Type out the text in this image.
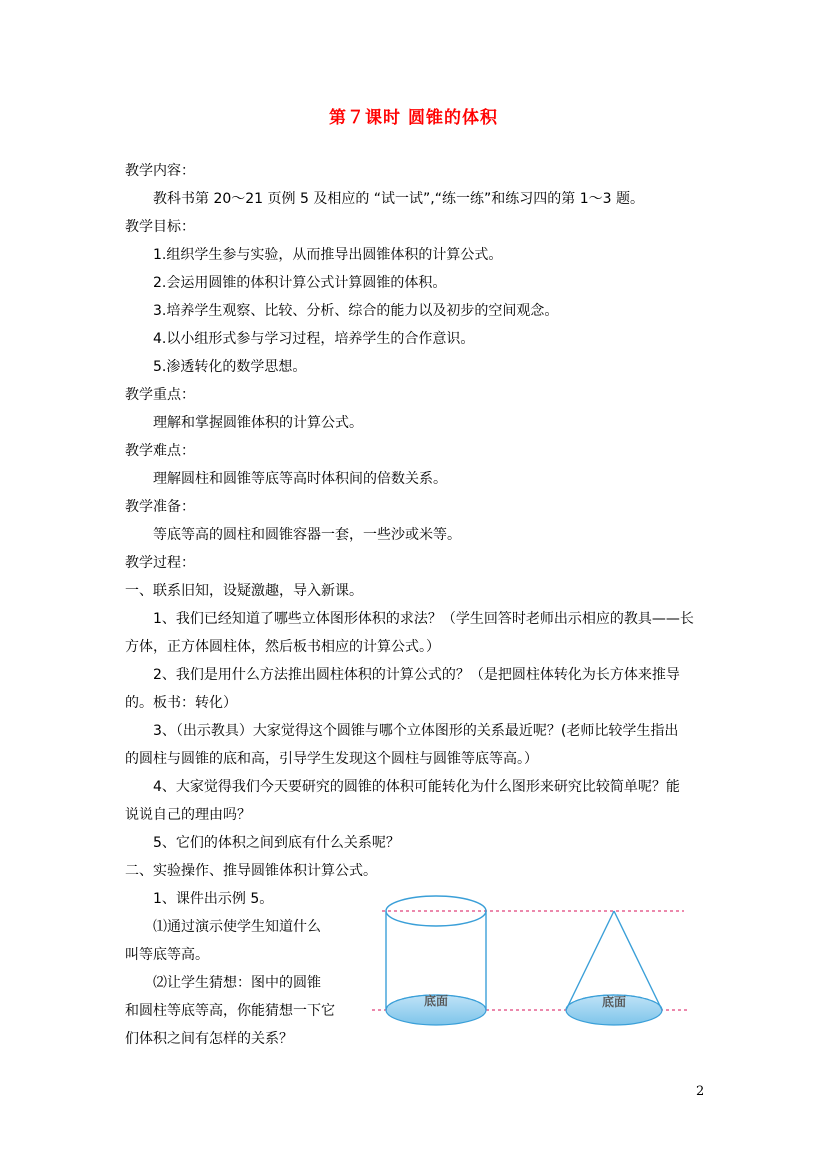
第７课时 圆锥的体积
教学内容：
教科书第 20～21 页例 5 及相应的 “试一试”,“练一练”和练习四的第 1～3 题。
教学目标：
1.组织学生参与实验，从而推导出圆锥体积的计算公式。
2.会运用圆锥的体积计算公式计算圆锥的体积。
3.培养学生观察、比较、分析、综合的能力以及初步的空间观念。
4.以小组形式参与学习过程，培养学生的合作意识。
5.渗透转化的数学思想。
教学重点：
理解和掌握圆锥体积的计算公式。
教学难点：
理解圆柱和圆锥等底等高时体积间的倍数关系。
教学准备：
等底等高的圆柱和圆锥容器一套，一些沙或米等。
教学过程：
一、联系旧知，设疑激趣，导入新课。
1、我们已经知道了哪些立体图形体积的求法？（学生回答时老师出示相应的教具——长
方体，正方体圆柱体，然后板书相应的计算公式。）
2、我们是用什么方法推出圆柱体积的计算公式的？（是把圆柱体转化为长方体来推导
的。板书：转化）
3、（出示教具）大家觉得这个圆锥与哪个立体图形的关系最近呢？(老师比较学生指出
的圆柱与圆锥的底和高，引导学生发现这个圆柱与圆锥等底等高。）
4、大家觉得我们今天要研究的圆锥的体积可能转化为什么图形来研究比较简单呢？能
说说自己的理由吗？
5、它们的体积之间到底有什么关系呢？
二、实验操作、推导圆锥体积计算公式。
1、课件出示例 5。
⑴通过演示使学生知道什么
叫等底等高。
⑵让学生猜想：图中的圆锥
和圆柱等底等高，你能猜想一下它
们体积之间有怎样的关系？
底面	底面
2
